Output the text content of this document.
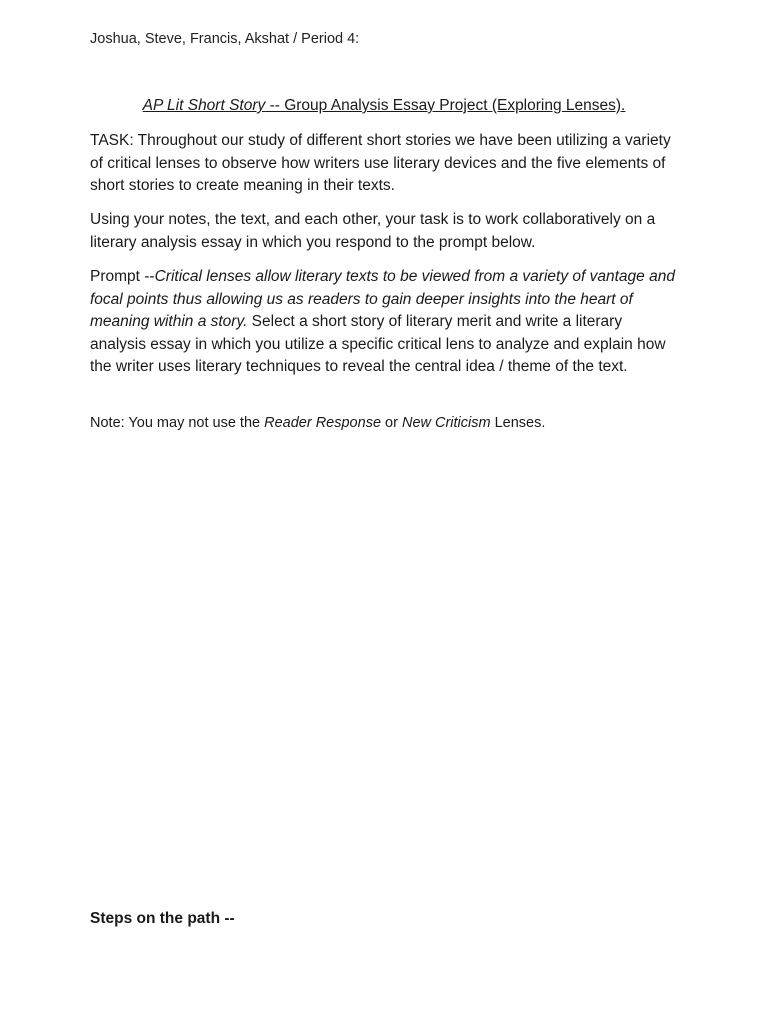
Joshua, Steve, Francis, Akshat / Period 4:
AP Lit Short Story -- Group Analysis Essay Project (Exploring Lenses).

TASK: Throughout our study of different short stories we have been utilizing a variety of critical lenses to observe how writers use literary devices and the five elements of short stories to create meaning in their texts.

Using your notes, the text, and each other, your task is to work collaboratively on a literary analysis essay in which you respond to the prompt below.

Prompt --Critical lenses allow literary texts to be viewed from a variety of vantage and focal points thus allowing us as readers to gain deeper insights into the heart of meaning within a story. Select a short story of literary merit and write a literary analysis essay in which you utilize a specific critical lens to analyze and explain how the writer uses literary techniques to reveal the central idea / theme of the text.

Note: You may not use the Reader Response or New Criticism Lenses.

Steps on the path --
